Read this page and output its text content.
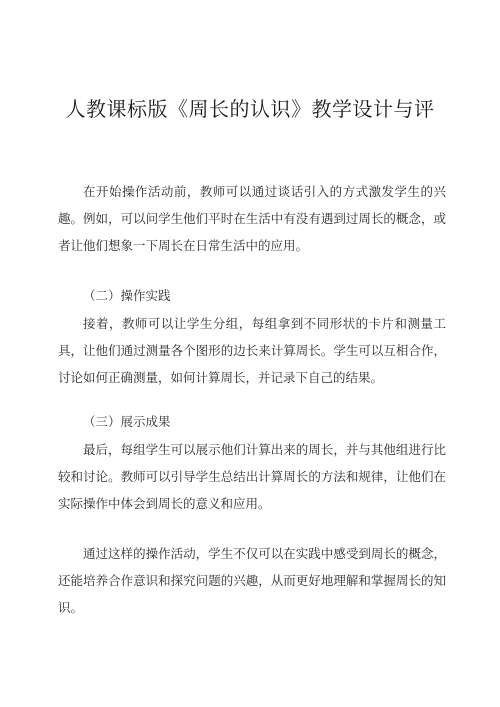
人教课标版《周长的认识》教学设计与评

在开始操作活动前，教师可以通过谈话引入的方式激发学生的兴趣。例如，可以问学生他们平时在生活中有没有遇到过周长的概念，或者让他们想象一下周长在日常生活中的应用。

（二）操作实践

接着，教师可以让学生分组，每组拿到不同形状的卡片和测量工具，让他们通过测量各个图形的边长来计算周长。学生可以互相合作，讨论如何正确测量，如何计算周长，并记录下自己的结果。

（三）展示成果

最后，每组学生可以展示他们计算出来的周长，并与其他组进行比较和讨论。教师可以引导学生总结出计算周长的方法和规律，让他们在实际操作中体会到周长的意义和应用。

通过这样的操作活动，学生不仅可以在实践中感受到周长的概念，还能培养合作意识和探究问题的兴趣，从而更好地理解和掌握周长的知识。
